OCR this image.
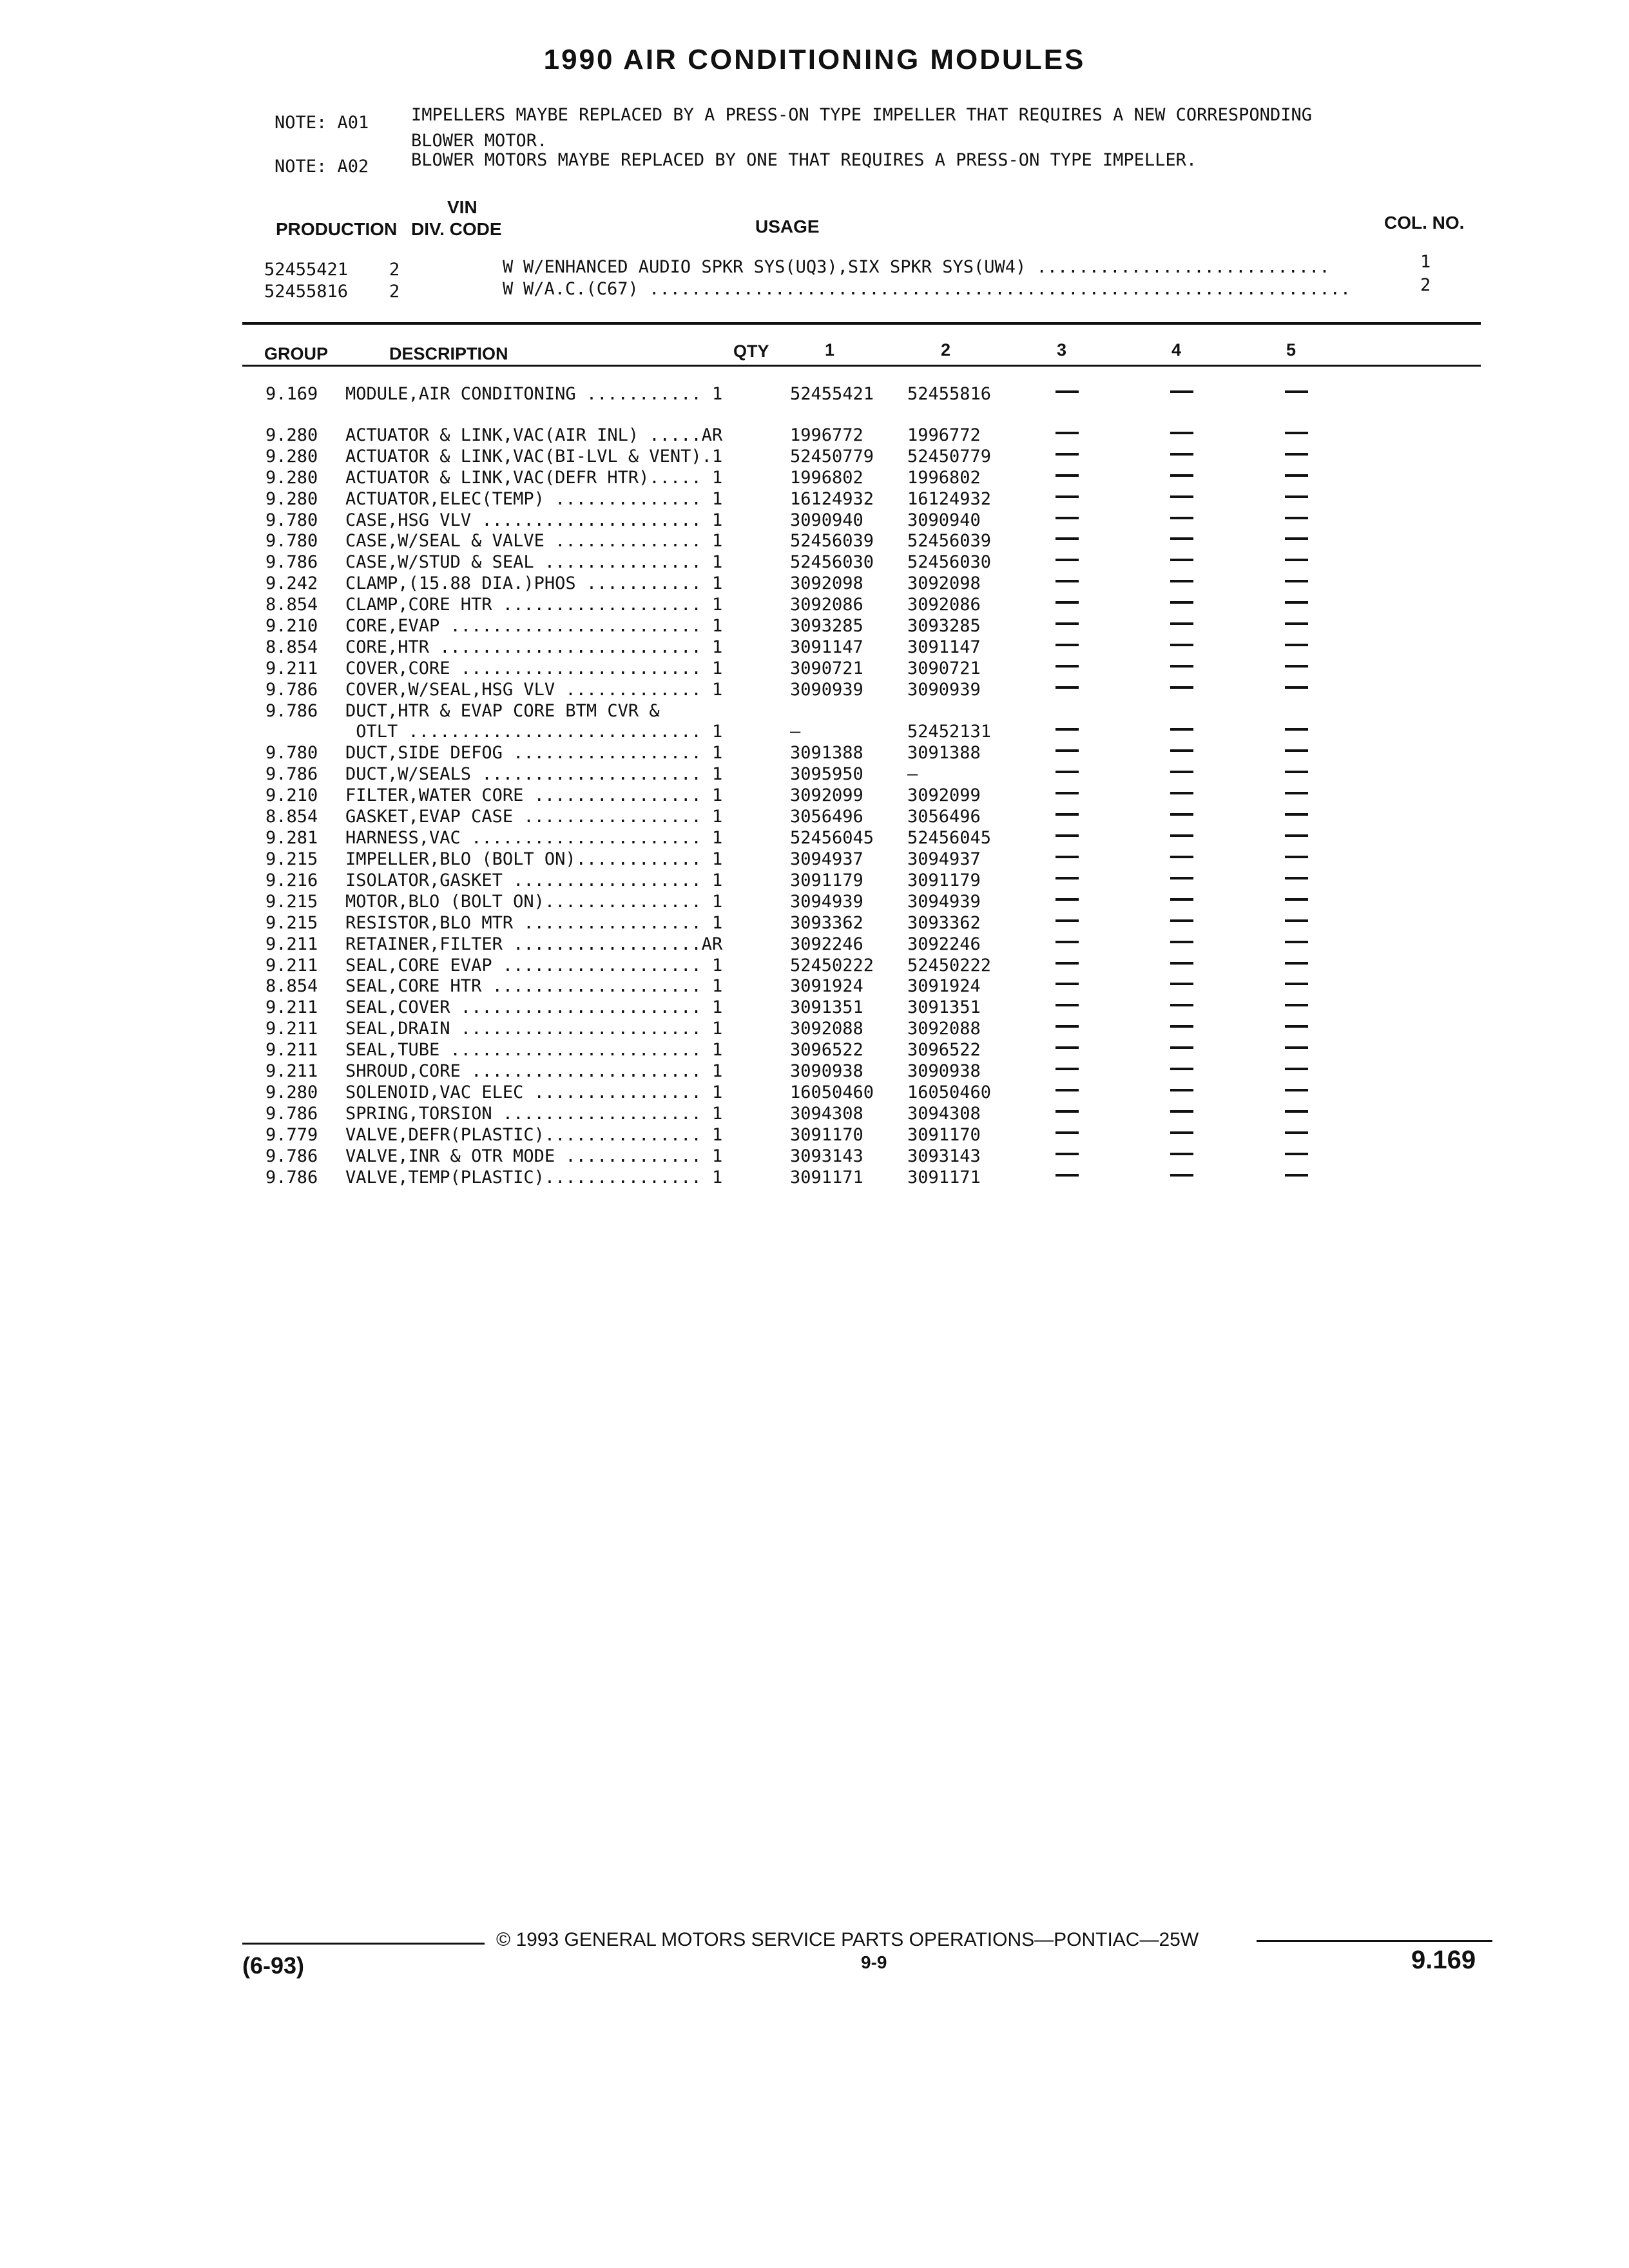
1990 AIR CONDITIONING MODULES
NOTE: A01 IMPELLERS MAYBE REPLACED BY A PRESS-ON TYPE IMPELLER THAT REQUIRES A NEW CORRESPONDING
BLOWER MOTOR.
NOTE: A02 BLOWER MOTORS MAYBE REPLACED BY ONE THAT REQUIRES A PRESS-ON TYPE IMPELLER.
VIN
PRODUCTION DIV. CODE	USAGE	COL. NO.
52455421 2	W W/ENHANCED AUDIO SPKR SYS(UQ3),SIX SPKR SYS(UW4) ............................	1
52455816 2	W W/A.C.(C67) ...................................................................	2
GROUP	DESCRIPTION	QTY	1	2	3	4	5
9.169 MODULE,AIR CONDITONING ........... 1	52455421 52455816
9.280 ACTUATOR & LINK,VAC(AIR INL) .....AR	1996772	1996772
9.280 ACTUATOR & LINK,VAC(BI-LVL & VENT).1	52450779 52450779
9.280 ACTUATOR & LINK,VAC(DEFR HTR)..... 1	1996802	1996802
9.280 ACTUATOR,ELEC(TEMP) .............. 1	16124932 16124932
9.780 CASE,HSG VLV ..................... 1	3090940	3090940
9.780 CASE,W/SEAL & VALVE .............. 1	52456039 52456039
9.786 CASE,W/STUD & SEAL ............... 1	52456030 52456030
9.242 CLAMP,(15.88 DIA.)PHOS ........... 1	3092098	3092098
8.854 CLAMP,CORE HTR ................... 1	3092086	3092086
9.210 CORE,EVAP ........................ 1	3093285	3093285
8.854 CORE,HTR ......................... 1	3091147	3091147
9.211 COVER,CORE ....................... 1	3090721	3090721
9.786 COVER,W/SEAL,HSG VLV ............. 1	3090939	3090939
9.786 DUCT,HTR & EVAP CORE BTM CVR &
OTLT ............................ 1	—	52452131
9.780 DUCT,SIDE DEFOG .................. 1	3091388	3091388
9.786 DUCT,W/SEALS ..................... 1	3095950	—
9.210 FILTER,WATER CORE ................ 1	3092099	3092099
8.854 GASKET,EVAP CASE ................. 1	3056496	3056496
9.281 HARNESS,VAC ...................... 1	52456045 52456045
9.215 IMPELLER,BLO (BOLT ON)............ 1	3094937	3094937
9.216 ISOLATOR,GASKET .................. 1	3091179	3091179
9.215 MOTOR,BLO (BOLT ON)............... 1	3094939	3094939
9.215 RESISTOR,BLO MTR ................. 1	3093362	3093362
9.211 RETAINER,FILTER ..................AR	3092246	3092246
9.211 SEAL,CORE EVAP ................... 1	52450222 52450222
8.854 SEAL,CORE HTR .................... 1	3091924	3091924
9.211 SEAL,COVER ....................... 1	3091351	3091351
9.211 SEAL,DRAIN ....................... 1	3092088	3092088
9.211 SEAL,TUBE ........................ 1	3096522	3096522
9.211 SHROUD,CORE ...................... 1	3090938	3090938
9.280 SOLENOID,VAC ELEC ................ 1	16050460 16050460
9.786 SPRING,TORSION ................... 1	3094308	3094308
9.779 VALVE,DEFR(PLASTIC)............... 1	3091170	3091170
9.786 VALVE,INR & OTR MODE ............. 1	3093143	3093143
9.786 VALVE,TEMP(PLASTIC)............... 1	3091171	3091171
© 1993 GENERAL MOTORS SERVICE PARTS OPERATIONS—PONTIAC—25W
(6-93)	9-9	9.169
